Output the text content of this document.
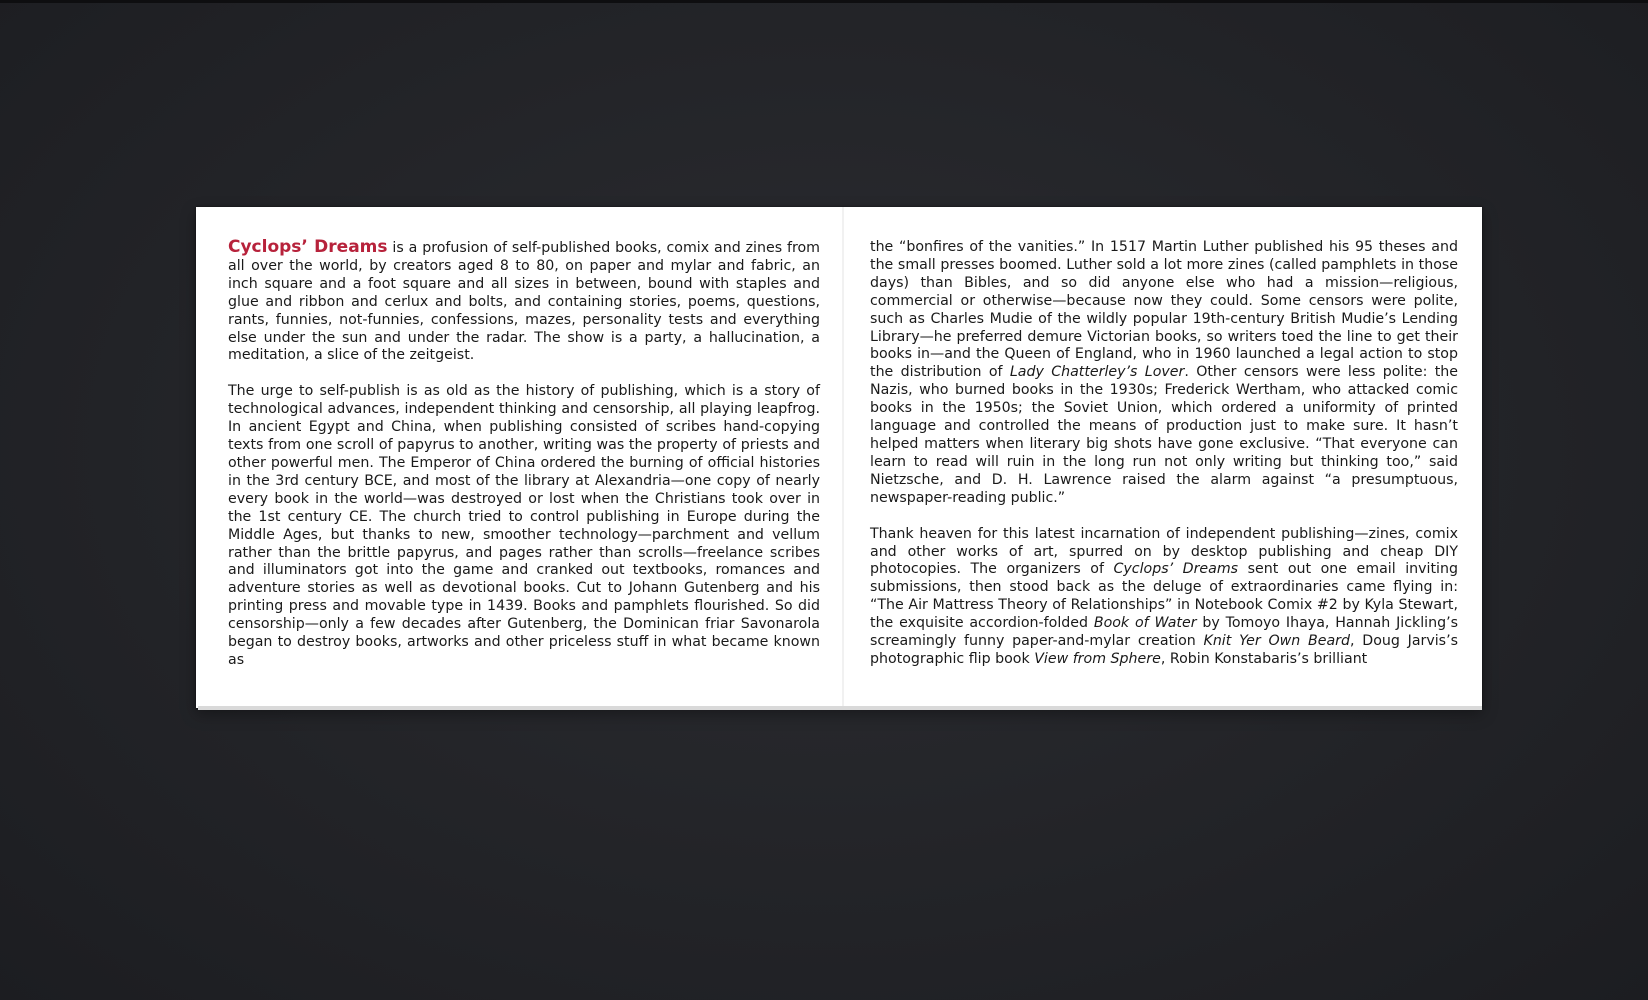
Cyclops’ Dreams is a profusion of self-published books, comix and zines from all over the world, by creators aged 8 to 80, on paper and mylar and fabric, an inch square and a foot square and all sizes in between, bound with staples and glue and ribbon and cerlux and bolts, and containing stories, poems, questions, rants, funnies, not-funnies, confessions, mazes, personality tests and everything else under the sun and under the radar. The show is a party, a hallucination, a meditation, a slice of the zeitgeist.

The urge to self-publish is as old as the history of publishing, which is a story of technological advances, independent thinking and censorship, all playing leapfrog. In ancient Egypt and China, when publishing consisted of scribes hand-copying texts from one scroll of papyrus to another, writing was the property of priests and other powerful men. The Emperor of China ordered the burning of official histories in the 3rd century BCE, and most of the library at Alexandria—one copy of nearly every book in the world—was destroyed or lost when the Christians took over in the 1st century CE. The church tried to control publishing in Europe during the Middle Ages, but thanks to new, smoother technology—parchment and vellum rather than the brittle papyrus, and pages rather than scrolls—freelance scribes and illuminators got into the game and cranked out textbooks, romances and adventure stories as well as devotional books. Cut to Johann Gutenberg and his printing press and movable type in 1439. Books and pamphlets flourished. So did censorship—only a few decades after Gutenberg, the Dominican friar Savonarola began to destroy books, artworks and other priceless stuff in what became known as

the “bonfires of the vanities.” In 1517 Martin Luther published his 95 theses and the small presses boomed. Luther sold a lot more zines (called pamphlets in those days) than Bibles, and so did anyone else who had a mission—religious, commercial or otherwise—because now they could. Some censors were polite, such as Charles Mudie of the wildly popular 19th-century British Mudie’s Lending Library—he preferred demure Victorian books, so writers toed the line to get their books in—and the Queen of England, who in 1960 launched a legal action to stop the distribution of Lady Chatterley’s Lover. Other censors were less polite: the Nazis, who burned books in the 1930s; Frederick Wertham, who attacked comic books in the 1950s; the Soviet Union, which ordered a uniformity of printed language and controlled the means of production just to make sure. It hasn’t helped matters when literary big shots have gone exclusive. “That everyone can learn to read will ruin in the long run not only writing but thinking too,” said Nietzsche, and D. H. Lawrence raised the alarm against “a presumptuous, newspaper-reading public.”

Thank heaven for this latest incarnation of independent publishing—zines, comix and other works of art, spurred on by desktop publishing and cheap DIY photocopies. The organizers of Cyclops’ Dreams sent out one email inviting submissions, then stood back as the deluge of extraordinaries came flying in: “The Air Mattress Theory of Relationships” in Notebook Comix #2 by Kyla Stewart, the exquisite accordion-folded Book of Water by Tomoyo Ihaya, Hannah Jickling’s screamingly funny paper-and-mylar creation Knit Yer Own Beard, Doug Jarvis’s photographic flip book View from Sphere, Robin Konstabaris’s brilliant
